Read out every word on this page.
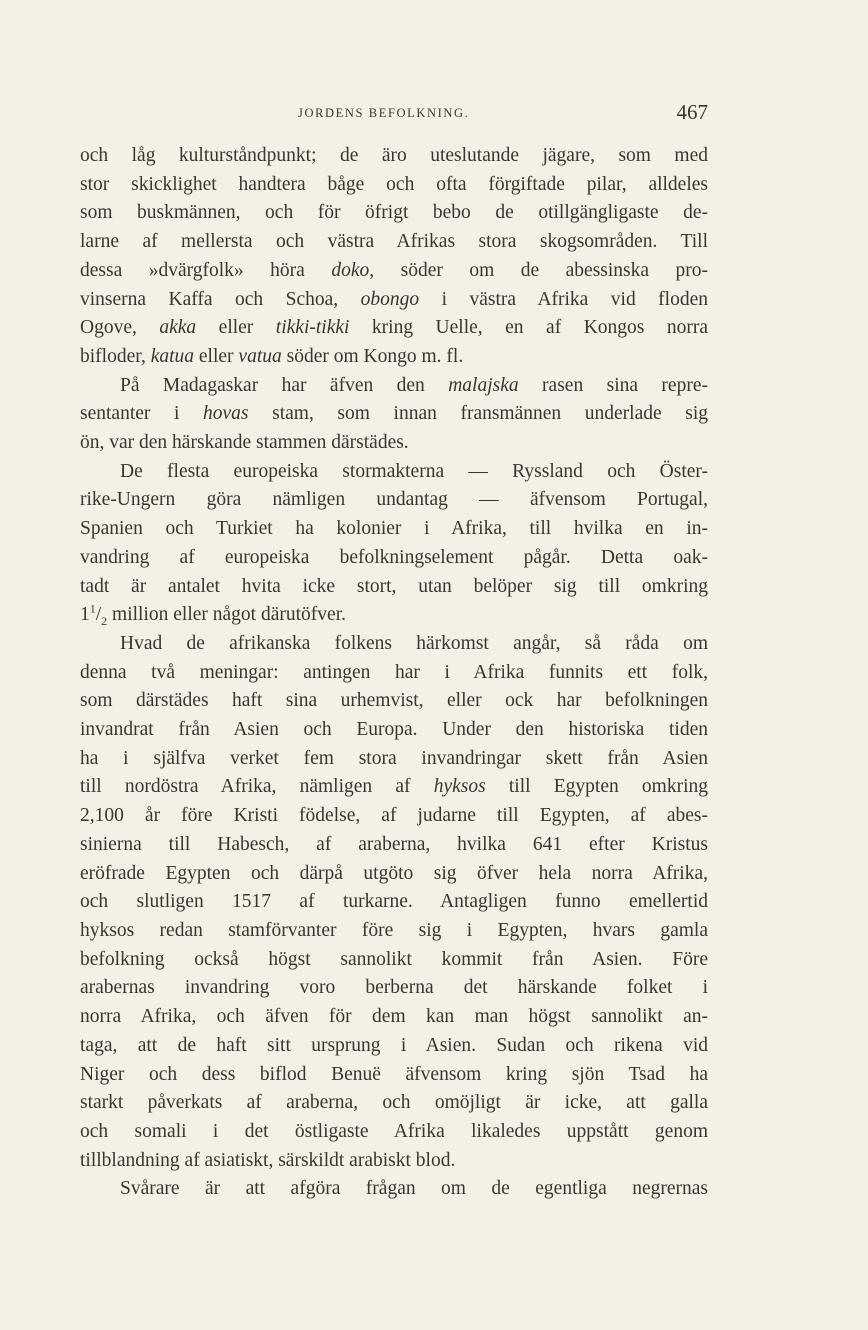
JORDENS BEFOLKNING.	467
och låg kulturståndpunkt; de äro uteslutande jägare, som med
stor skicklighet handtera båge och ofta förgiftade pilar, alldeles
som buskmännen, och för öfrigt bebo de otillgängligaste de-
larne af mellersta och västra Afrikas stora skogsområden. Till
dessa »dvärgfolk» höra doko, söder om de abessinska pro-
vinserna Kaffa och Schoa, obongo i västra Afrika vid floden
Ogove, akka eller tikki-tikki kring Uelle, en af Kongos norra
bifloder, katua eller vatua söder om Kongo m. fl.
På Madagaskar har äfven den malajska rasen sina repre-
sentanter i hovas stam, som innan fransmännen underlade sig
ön, var den härskande stammen därstädes.
De flesta europeiska stormakterna — Ryssland och Öster-
rike-Ungern göra nämligen undantag — äfvensom Portugal,
Spanien och Turkiet ha kolonier i Afrika, till hvilka en in-
vandring af europeiska befolkningselement pågår. Detta oak-
tadt är antalet hvita icke stort, utan belöper sig till omkring
$1^1/_2$ million eller något därutöfver.
Hvad de afrikanska folkens härkomst angår, så råda om
denna två meningar: antingen har i Afrika funnits ett folk,
som därstädes haft sina urhemvist, eller ock har befolkningen
invandrat från Asien och Europa. Under den historiska tiden
ha i själfva verket fem stora invandringar skett från Asien
till nordöstra Afrika, nämligen af hyksos till Egypten omkring
2,100 år före Kristi födelse, af judarne till Egypten, af abes-
sinierna till Habesch, af araberna, hvilka 641 efter Kristus
eröfrade Egypten och därpå utgöto sig öfver hela norra Afrika,
och slutligen 1517 af turkarne. Antagligen funno emellertid
hyksos redan stamförvanter före sig i Egypten, hvars gamla
befolkning också högst sannolikt kommit från Asien. Före
arabernas invandring voro berberna det härskande folket i
norra Afrika, och äfven för dem kan man högst sannolikt an-
taga, att de haft sitt ursprung i Asien. Sudan och rikena vid
Niger och dess biflod Benuë äfvensom kring sjön Tsad ha
starkt påverkats af araberna, och omöjligt är icke, att galla
och somali i det östligaste Afrika likaledes uppstått genom
tillblandning af asiatiskt, särskildt arabiskt blod.
Svårare är att afgöra frågan om de egentliga negrernas
